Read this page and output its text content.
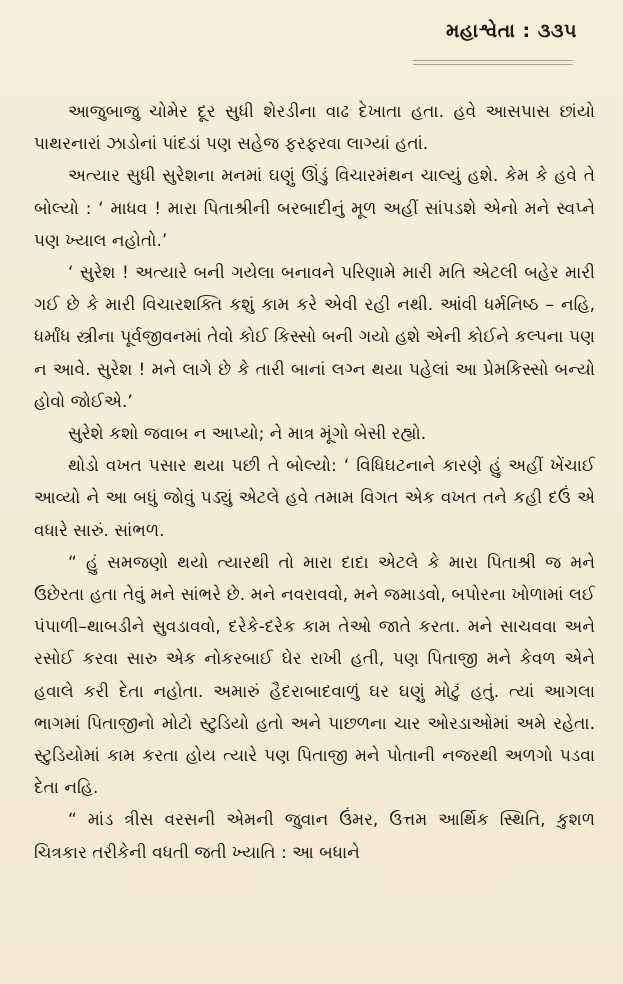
મહાશ્વેતા : ૩૩૫

આજુબાજુ ચોમેર દૂર સુધી શેરડીના વાઢ દેખાતા હતા. હવે આસપાસ છાંયો પાથરનારાં ઝાડોનાં પાંદડાં પણ સહેજ ફરફરવા લાગ્યાં હતાં.

અત્યાર સુધી સુરેશના મનમાં ઘણું ઊંડું વિચારમંથન ચાલ્યું હશે. કેમ કે હવે તે બોલ્યો : ‘ માધવ ! મારા પિતાશ્રીની બરબાદીનું મૂળ અહીં સાંપડશે એનો મને સ્વપ્ને પણ ખ્યાલ નહોતો.’

‘ સુરેશ ! અત્યારે બની ગયેલા બનાવને પરિણામે મારી મતિ એટલી બહેર મારી ગઈ છે કે મારી વિચારશક્તિ કશું કામ કરે એવી રહી નથી. આંવી ધર્મનિષ્ઠ – નહિ, ધર્માંધ સ્ત્રીના પૂર્વજીવનમાં તેવો કોઈ કિસ્સો બની ગયો હશે એની કોઈને કલ્પના પણ ન આવે. સુરેશ ! મને લાગે છે કે તારી બાનાં લગ્ન થયા પહેલાં આ પ્રેમકિસ્સો બન્યો હોવો જોઈએ.’

સુરેશે કશો જવાબ ન આપ્યો; ને માત્ર મૂંગો બેસી રહ્યો.

થોડો વખત પસાર થયા પછી તે બોલ્યો: ‘ વિધિઘટનાને કારણે હું અહીં ખેંચાઈ આવ્યો ને આ બધું જોવું પડ્યું એટલે હવે તમામ વિગત એક વખત તને કહી દઉં એ વધારે સારું. સાંભળ.

“ હું સમજણો થયો ત્યારથી તો મારા દાદા એટલે કે મારા પિતાશ્રી જ મને ઉછેરતા હતા તેવું મને સાંભરે છે. મને નવરાવવો, મને જમાડવો, બપોરના ખોળામાં લઈ પંપાળી–થાબડીને સુવડાવવો, દરેકે-દરેક કામ તેઓ જાતે કરતા. મને સાચવવા અને રસોઈ કરવા સારુ એક નોકરબાઈ ઘેર રાખી હતી, પણ પિતાજી મને કેવળ એને હવાલે કરી દેતા નહોતા. અમારું હૈદરાબાદવાળું ઘર ઘણું મોટું હતું. ત્યાં આગલા ભાગમાં પિતાજીનો મોટો સ્ટુડિયો હતો અને પાછળના ચાર ઓરડાઓમાં અમે રહેતા. સ્ટુડિયોમાં કામ કરતા હોય ત્યારે પણ પિતાજી મને પોતાની નજરથી અળગો પડવા દેતા નહિ.

“ માંડ ત્રીસ વરસની એમની જુવાન ઉંમર, ઉત્તમ આર્થિક સ્થિતિ, કુશળ ચિત્રકાર તરીકેની વધતી જતી ખ્યાતિ : આ બધાને
